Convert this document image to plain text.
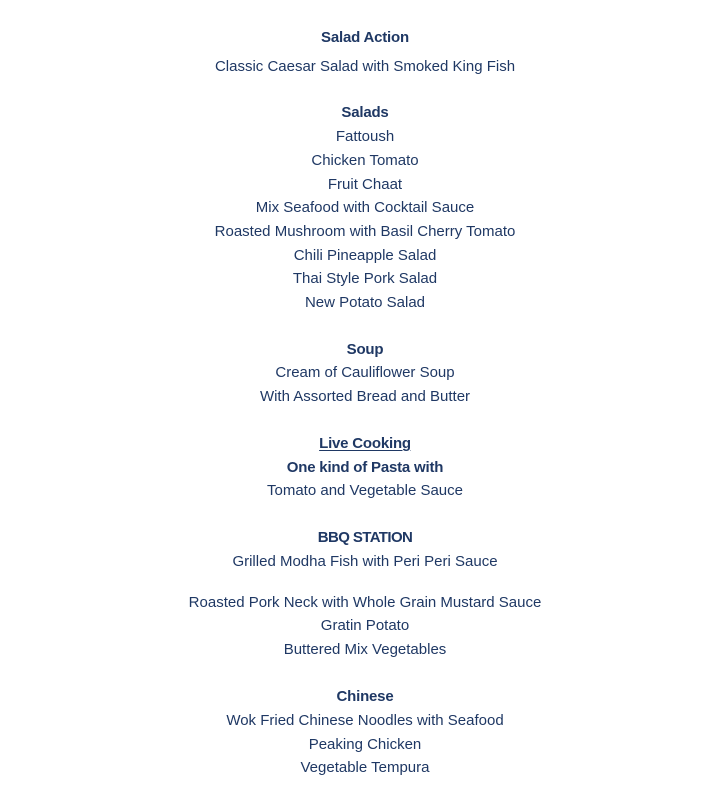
Salad Action
Classic Caesar Salad with Smoked King Fish
Salads
Fattoush
Chicken Tomato
Fruit Chaat
Mix Seafood with Cocktail Sauce
Roasted Mushroom with Basil Cherry Tomato
Chili Pineapple Salad
Thai Style Pork Salad
New Potato Salad
Soup
Cream of Cauliflower Soup
With Assorted Bread and Butter
Live Cooking
One kind of Pasta with
Tomato and Vegetable Sauce
BBQ STATION
Grilled Modha Fish with Peri Peri Sauce
Roasted Pork Neck with Whole Grain Mustard Sauce
Gratin Potato
Buttered Mix Vegetables
Chinese
Wok Fried Chinese Noodles with Seafood
Peaking Chicken
Vegetable Tempura
